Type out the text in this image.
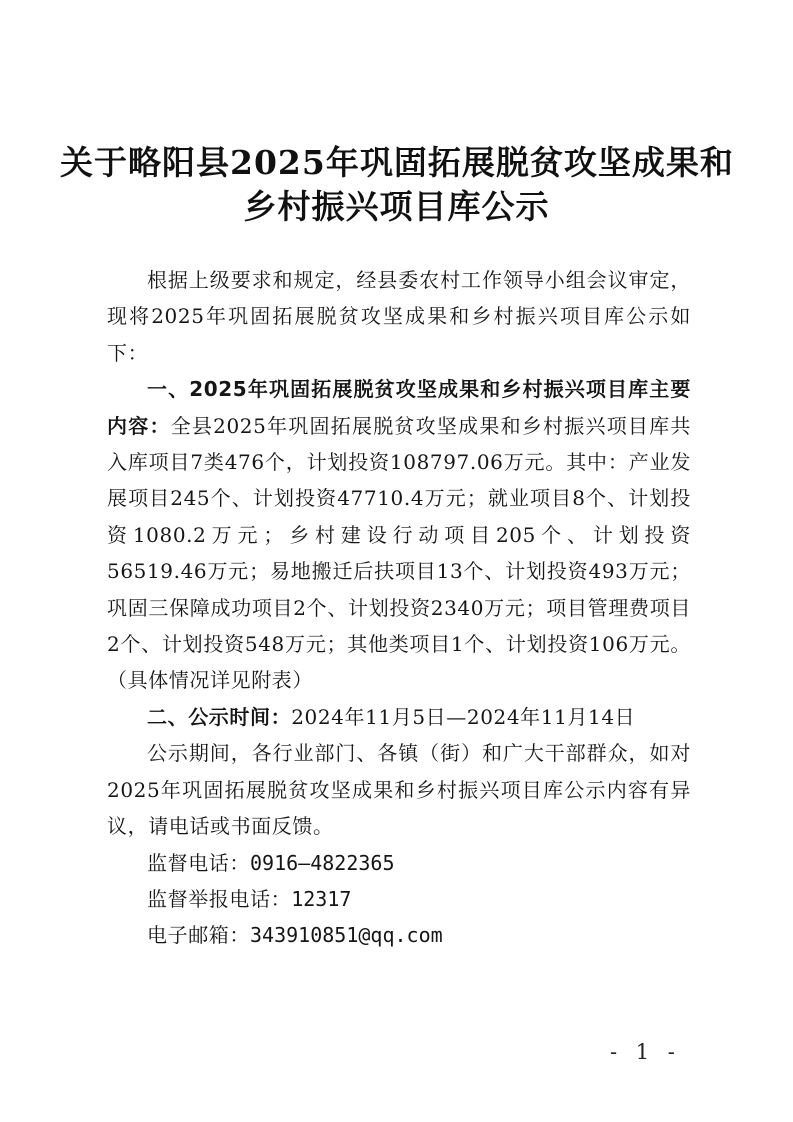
关于略阳县2025年巩固拓展脱贫攻坚成果和
乡村振兴项目库公示

根据上级要求和规定，经县委农村工作领导小组会议审定，现将2025年巩固拓展脱贫攻坚成果和乡村振兴项目库公示如下：

一、2025年巩固拓展脱贫攻坚成果和乡村振兴项目库主要内容：全县2025年巩固拓展脱贫攻坚成果和乡村振兴项目库共入库项目7类476个，计划投资108797.06万元。其中：产业发展项目245个、计划投资47710.4万元；就业项目8个、计划投资1080.2万元；乡村建设行动项目205个、计划投资56519.46万元；易地搬迁后扶项目13个、计划投资493万元；巩固三保障成功项目2个、计划投资2340万元；项目管理费项目2个、计划投资548万元；其他类项目1个、计划投资106万元。（具体情况详见附表）

二、公示时间：2024年11月5日—2024年11月14日

公示期间，各行业部门、各镇（街）和广大干部群众，如对2025年巩固拓展脱贫攻坚成果和乡村振兴项目库公示内容有异议，请电话或书面反馈。

监督电话：0916—4822365

监督举报电话：12317

电子邮箱：343910851@qq.com

- 1 -
